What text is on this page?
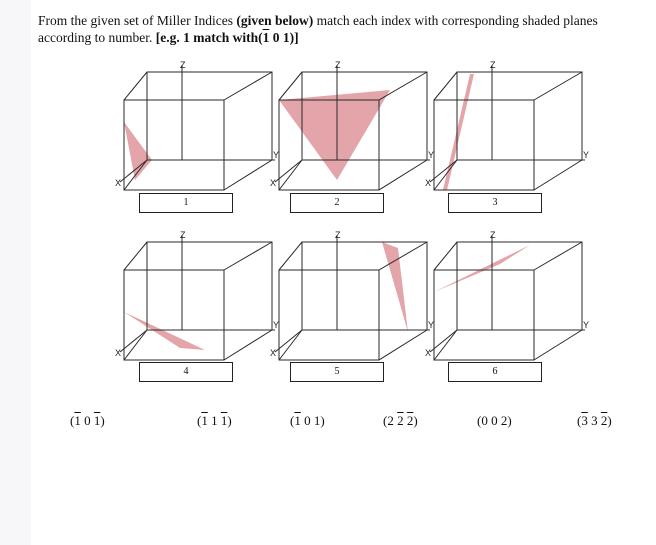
From the given set of Miller Indices (given below) match each index with corresponding shaded planes
according to number. [e.g. 1 match with(1 0 1)]
Z
Y
X
Z
Y
X
Z
Y
X
Z
Y
X
Z
Y
X
Z
Y
X
1	2	3
4	5	6
(1 0 1)	(1 1 1)	(1 0 1)	(2 2 2)	(0 0 2)	(3 3 2)
